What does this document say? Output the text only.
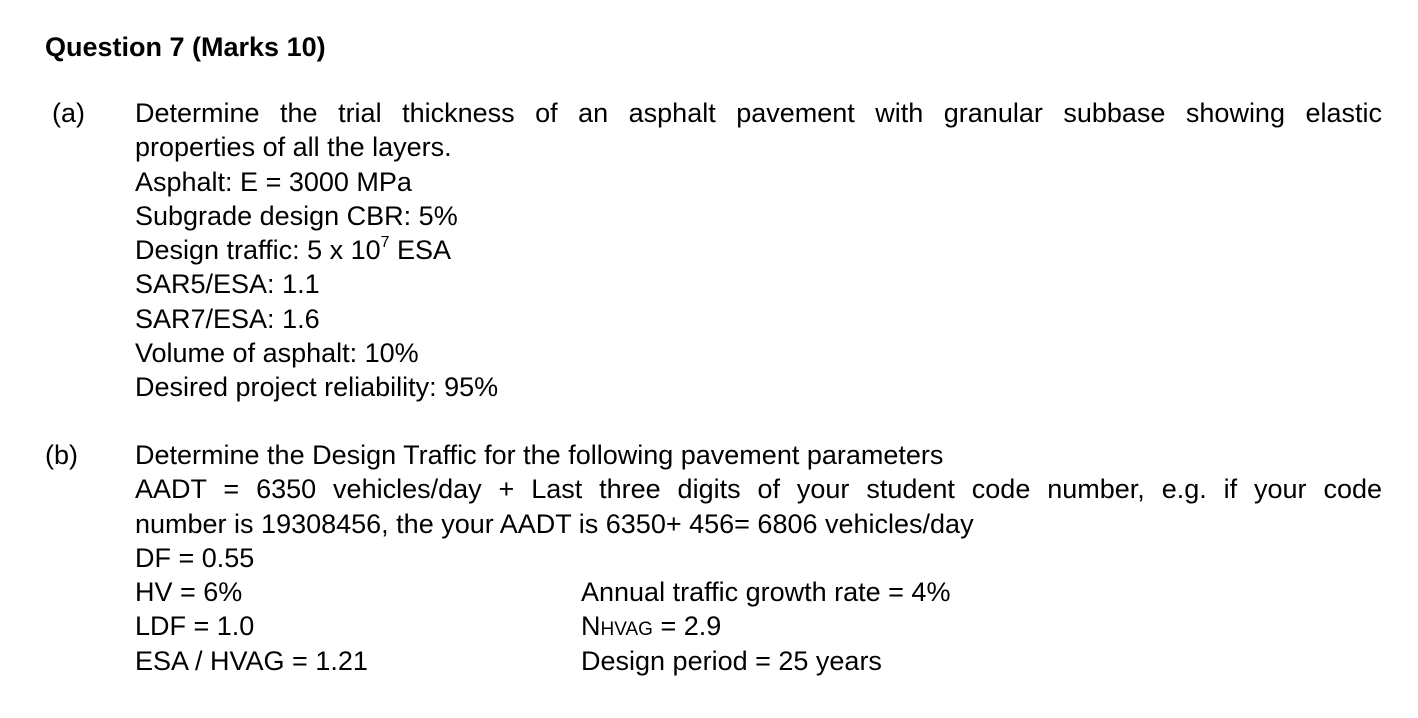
Question 7 (Marks 10)
(a) Determine the trial thickness of an asphalt pavement with granular subbase showing elastic
properties of all the layers.
Asphalt: E = 3000 MPa
Subgrade design CBR: 5%
Design traffic: 5 x $10^7$ ESA
SAR5/ESA: 1.1
SAR7/ESA: 1.6
Volume of asphalt: 10%
Desired project reliability: 95%
(b) Determine the Design Traffic for the following pavement parameters
AADT = 6350 vehicles/day + Last three digits of your student code number, e.g. if your code
number is 19308456, the your AADT is 6350+ 456= 6806 vehicles/day
DF = 0.55
HV = 6%	Annual traffic growth rate = 4%
LDF = 1.0	NHVAG = 2.9
ESA / HVAG = 1.21	Design period = 25 years
